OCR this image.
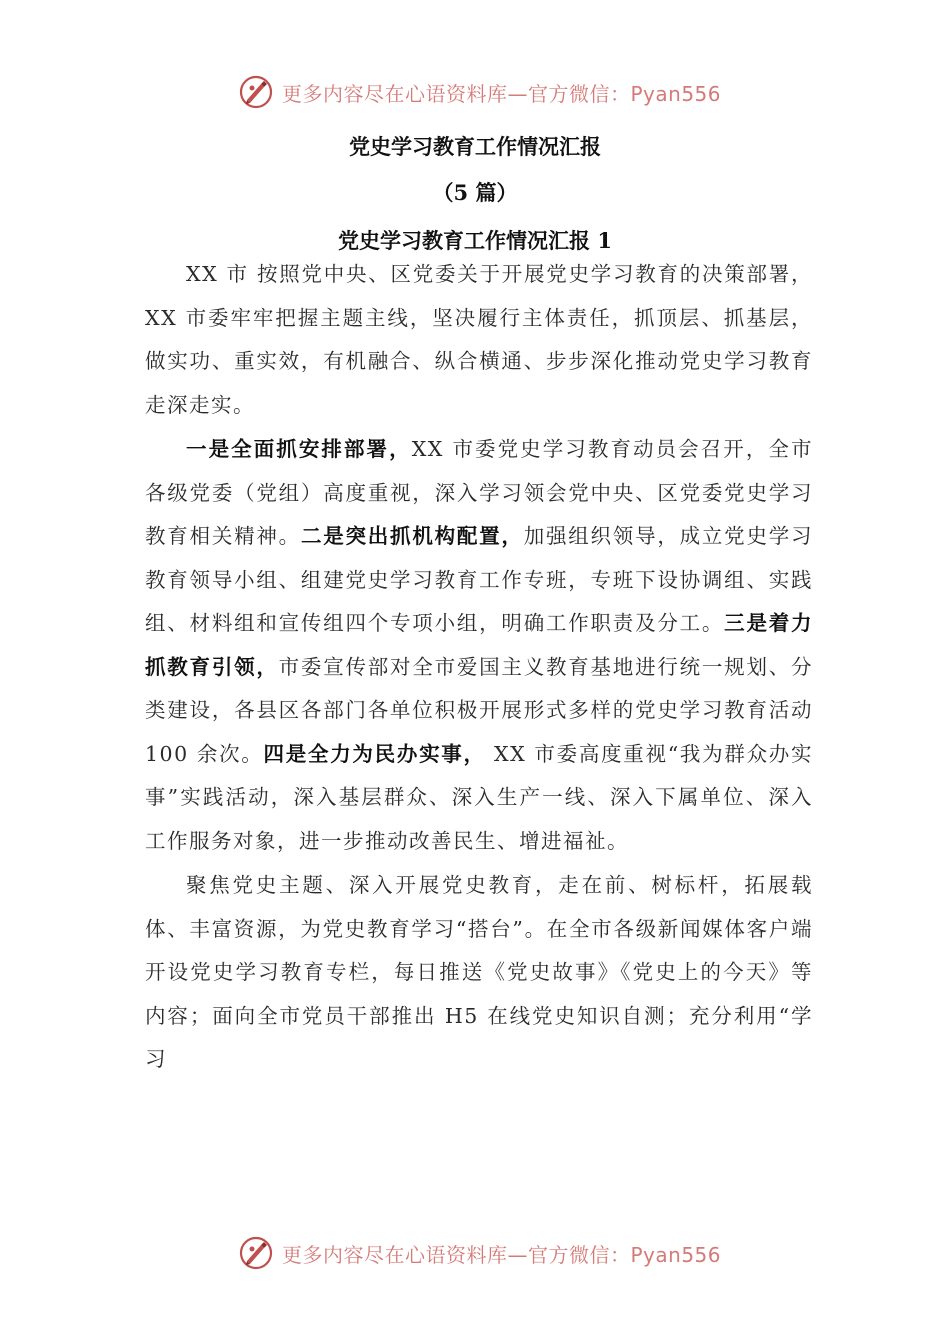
更多内容尽在心语资料库—官方微信：Pyan556
党史学习教育工作情况汇报
（5 篇）
党史学习教育工作情况汇报 1

XX 市 按照党中央、区党委关于开展党史学习教育的决策部署，XX 市委牢牢把握主题主线，坚决履行主体责任，抓顶层、抓基层，做实功、重实效，有机融合、纵合横通、步步深化推动党史学习教育走深走实。

一是全面抓安排部署，XX 市委党史学习教育动员会召开，全市各级党委（党组）高度重视，深入学习领会党中央、区党委党史学习教育相关精神。二是突出抓机构配置，加强组织领导，成立党史学习教育领导小组、组建党史学习教育工作专班，专班下设协调组、实践组、材料组和宣传组四个专项小组，明确工作职责及分工。三是着力抓教育引领，市委宣传部对全市爱国主义教育基地进行统一规划、分类建设，各县区各部门各单位积极开展形式多样的党史学习教育活动 100 余次。四是全力为民办实事， XX 市委高度重视“我为群众办实事”实践活动，深入基层群众、深入生产一线、深入下属单位、深入工作服务对象，进一步推动改善民生、增进福祉。

聚焦党史主题、深入开展党史教育，走在前、树标杆，拓展载体、丰富资源，为党史教育学习“搭台”。在全市各级新闻媒体客户端开设党史学习教育专栏，每日推送《党史故事》《党史上的今天》等内容；面向全市党员干部推出 H5 在线党史知识自测；充分利用“学习

更多内容尽在心语资料库—官方微信：Pyan556
